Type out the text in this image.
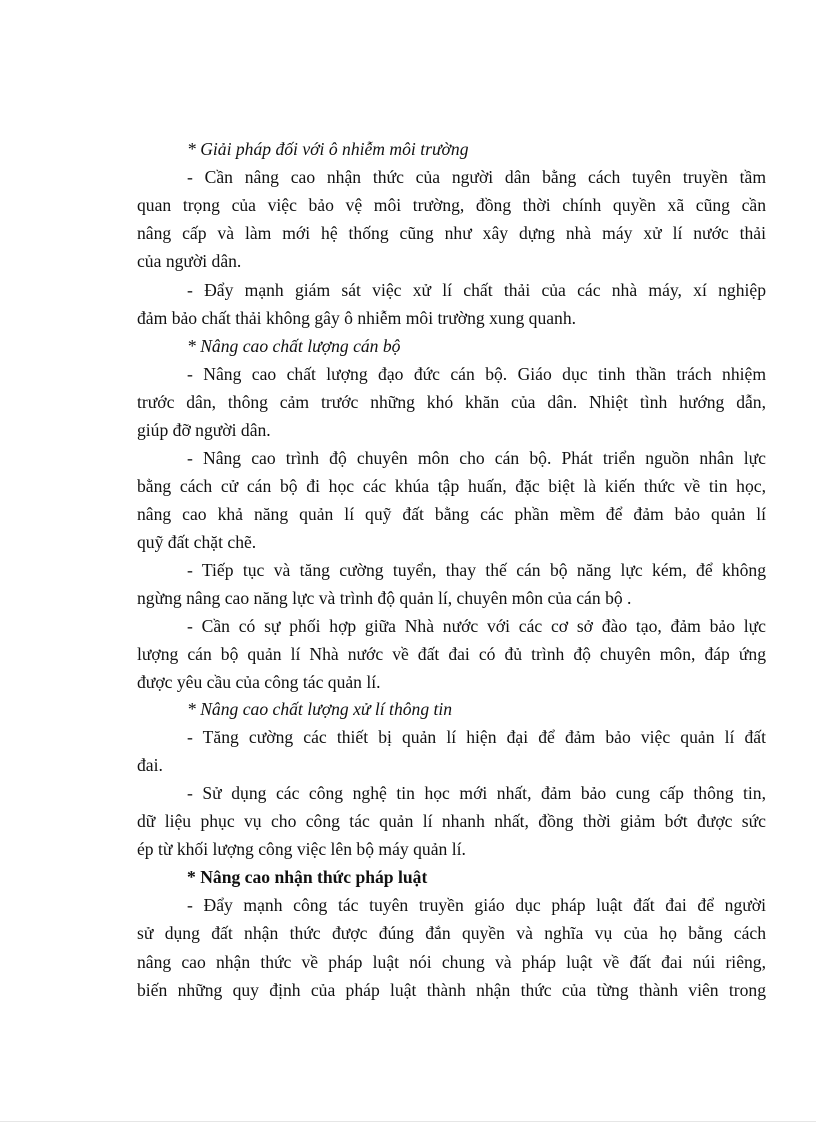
* Giải pháp đối với ô nhiễm môi trường
- Cần nâng cao nhận thức của người dân bằng cách tuyên truyền tầm
quan trọng của việc bảo vệ môi trường, đồng thời chính quyền xã cũng cần
nâng cấp và làm mới hệ thống cũng như xây dựng nhà máy xử lí nước thải
của người dân.
- Đẩy mạnh giám sát việc xử lí chất thải của các nhà máy, xí nghiệp
đảm bảo chất thải không gây ô nhiễm môi trường xung quanh.
* Nâng cao chất lượng cán bộ
- Nâng cao chất lượng đạo đức cán bộ. Giáo dục tinh thần trách nhiệm
trước dân, thông cảm trước những khó khăn của dân. Nhiệt tình hướng dẫn,
giúp đỡ người dân.
- Nâng cao trình độ chuyên môn cho cán bộ. Phát triển nguồn nhân lực
bằng cách cử cán bộ đi học các khúa tập huấn, đặc biệt là kiến thức về tin học,
nâng cao khả năng quản lí quỹ đất bằng các phần mềm để đảm bảo quản lí
quỹ đất chặt chẽ.
- Tiếp tục và tăng cường tuyển, thay thế cán bộ năng lực kém, để không
ngừng nâng cao năng lực và trình độ quản lí, chuyên môn của cán bộ .
- Cần có sự phối hợp giữa Nhà nước với các cơ sở đào tạo, đảm bảo lực
lượng cán bộ quản lí Nhà nước về đất đai có đủ trình độ chuyên môn, đáp ứng
được yêu cầu của công tác quản lí.
* Nâng cao chất lượng xử lí thông tin
- Tăng cường các thiết bị quản lí hiện đại để đảm bảo việc quản lí đất
đai.
- Sử dụng các công nghệ tin học mới nhất, đảm bảo cung cấp thông tin,
dữ liệu phục vụ cho công tác quản lí nhanh nhất, đồng thời giảm bớt được sức
ép từ khối lượng công việc lên bộ máy quản lí.
* Nâng cao nhận thức pháp luật
- Đẩy mạnh công tác tuyên truyền giáo dục pháp luật đất đai để người
sử dụng đất nhận thức được đúng đắn quyền và nghĩa vụ của họ bằng cách
nâng cao nhận thức về pháp luật nói chung và pháp luật về đất đai núi riêng,
biến những quy định của pháp luật thành nhận thức của từng thành viên trong
